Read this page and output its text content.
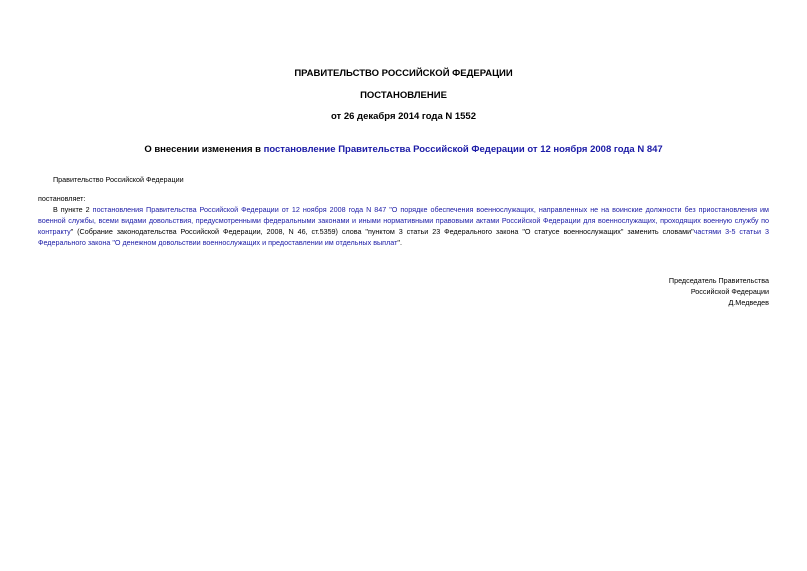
ПРАВИТЕЛЬСТВО РОССИЙСКОЙ ФЕДЕРАЦИИ
ПОСТАНОВЛЕНИЕ
от 26 декабря 2014 года N 1552
О внесении изменения в постановление Правительства Российской Федерации от 12 ноября 2008 года N 847
Правительство Российской Федерации
постановляет:
В пункте 2 постановления Правительства Российской Федерации от 12 ноября 2008 года N 847 "О порядке обеспечения военнослужащих, направленных не на воинские должности без приостановления им военной службы, всеми видами довольствия, предусмотренными федеральными законами и иными нормативными правовыми актами Российской Федерации для военнослужащих, проходящих военную службу по контракту" (Собрание законодательства Российской Федерации, 2008, N 46, ст.5359) слова "пунктом 3 статьи 23 Федерального закона "О статусе военнослужащих" заменить словами"частями 3-5 статьи 3 Федерального закона "О денежном довольствии военнослужащих и предоставлении им отдельных выплат".
Председатель Правительства
Российской Федерации
Д.Медведев
